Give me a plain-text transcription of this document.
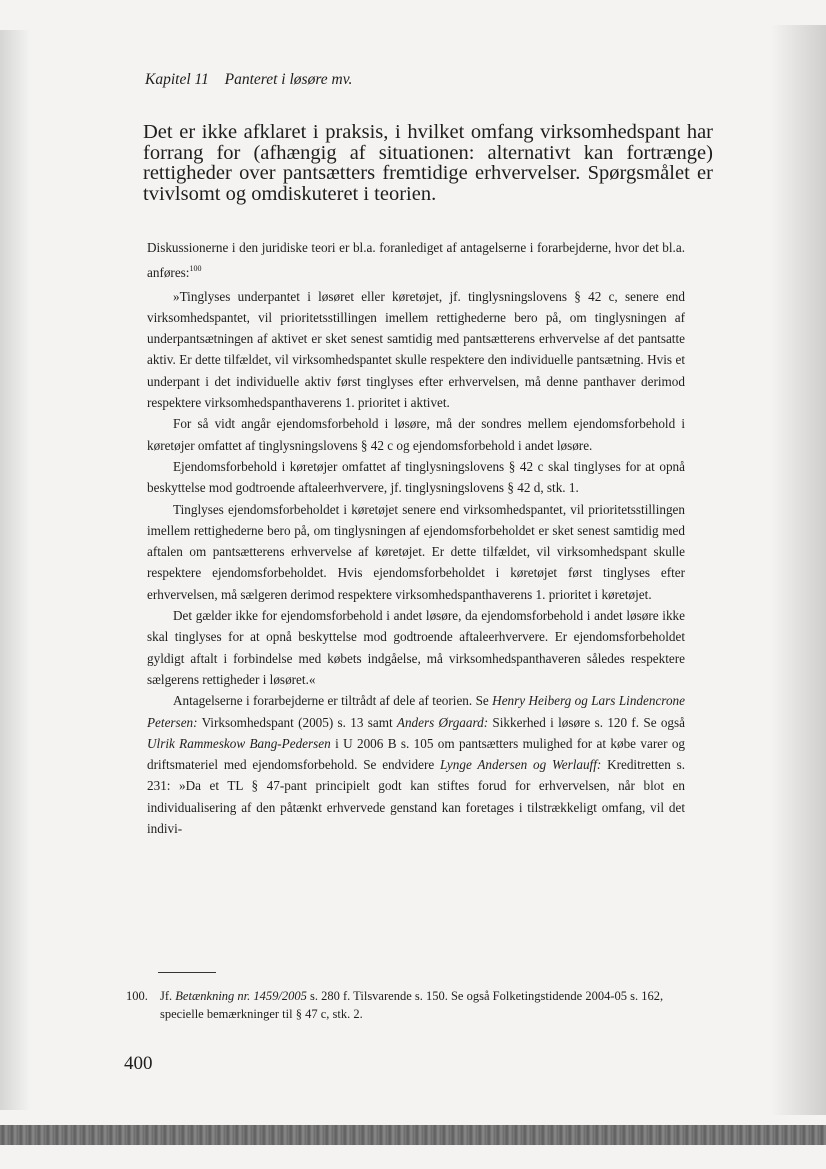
Kapitel 11 Panteret i løsøre mv.

Det er ikke afklaret i praksis, i hvilket omfang virksomhedspant har forrang for (afhængig af situationen: alternativt kan fortrænge) rettigheder over pantsætters fremtidige erhvervelser. Spørgsmålet er tvivlsomt og omdiskuteret i teorien.

Diskussionerne i den juridiske teori er bl.a. foranlediget af antagelserne i forarbejderne, hvor det bl.a. anføres:$^{100}$

»Tinglyses underpantet i løsøret eller køretøjet, jf. tinglysningslovens § 42 c, senere end virksomhedspantet, vil prioritetsstillingen imellem rettighederne bero på, om tinglysningen af underpantsætningen af aktivet er sket senest samtidig med pantsætterens erhvervelse af det pantsatte aktiv. Er dette tilfældet, vil virksomhedspantet skulle respektere den individuelle pantsætning. Hvis et underpant i det individuelle aktiv først tinglyses efter erhvervelsen, må denne panthaver derimod respektere virksomhedspanthaverens 1. prioritet i aktivet.

For så vidt angår ejendomsforbehold i løsøre, må der sondres mellem ejendomsforbehold i køretøjer omfattet af tinglysningslovens § 42 c og ejendomsforbehold i andet løsøre.

Ejendomsforbehold i køretøjer omfattet af tinglysningslovens § 42 c skal tinglyses for at opnå beskyttelse mod godtroende aftaleerhververe, jf. tinglysningslovens § 42 d, stk. 1.

Tinglyses ejendomsforbeholdet i køretøjet senere end virksomhedspantet, vil prioritetsstillingen imellem rettighederne bero på, om tinglysningen af ejendomsforbeholdet er sket senest samtidig med aftalen om pantsætterens erhvervelse af køretøjet. Er dette tilfældet, vil virksomhedspant skulle respektere ejendomsforbeholdet. Hvis ejendomsforbeholdet i køretøjet først tinglyses efter erhvervelsen, må sælgeren derimod respektere virksomhedspanthaverens 1. prioritet i køretøjet.

Det gælder ikke for ejendomsforbehold i andet løsøre, da ejendomsforbehold i andet løsøre ikke skal tinglyses for at opnå beskyttelse mod godtroende aftaleerhververe. Er ejendomsforbeholdet gyldigt aftalt i forbindelse med købets indgåelse, må virksomhedspanthaveren således respektere sælgerens rettigheder i løsøret.«

Antagelserne i forarbejderne er tiltrådt af dele af teorien. Se Henry Heiberg og Lars Lindencrone Petersen: Virksomhedspant (2005) s. 13 samt Anders Ørgaard: Sikkerhed i løsøre s. 120 f. Se også Ulrik Rammeskow Bang-Pedersen i U 2006 B s. 105 om pantsætters mulighed for at købe varer og driftsmateriel med ejendomsforbehold. Se endvidere Lynge Andersen og Werlauff: Kreditretten s. 231: »Da et TL § 47-pant principielt godt kan stiftes forud for erhvervelsen, når blot en individualisering af den påtænkt erhvervede genstand kan foretages i tilstrækkeligt omfang, vil det indivi-

100. Jf. Betænkning nr. 1459/2005 s. 280 f. Tilsvarende s. 150. Se også Folketingstidende 2004-05 s. 162, specielle bemærkninger til § 47 c, stk. 2.
400
